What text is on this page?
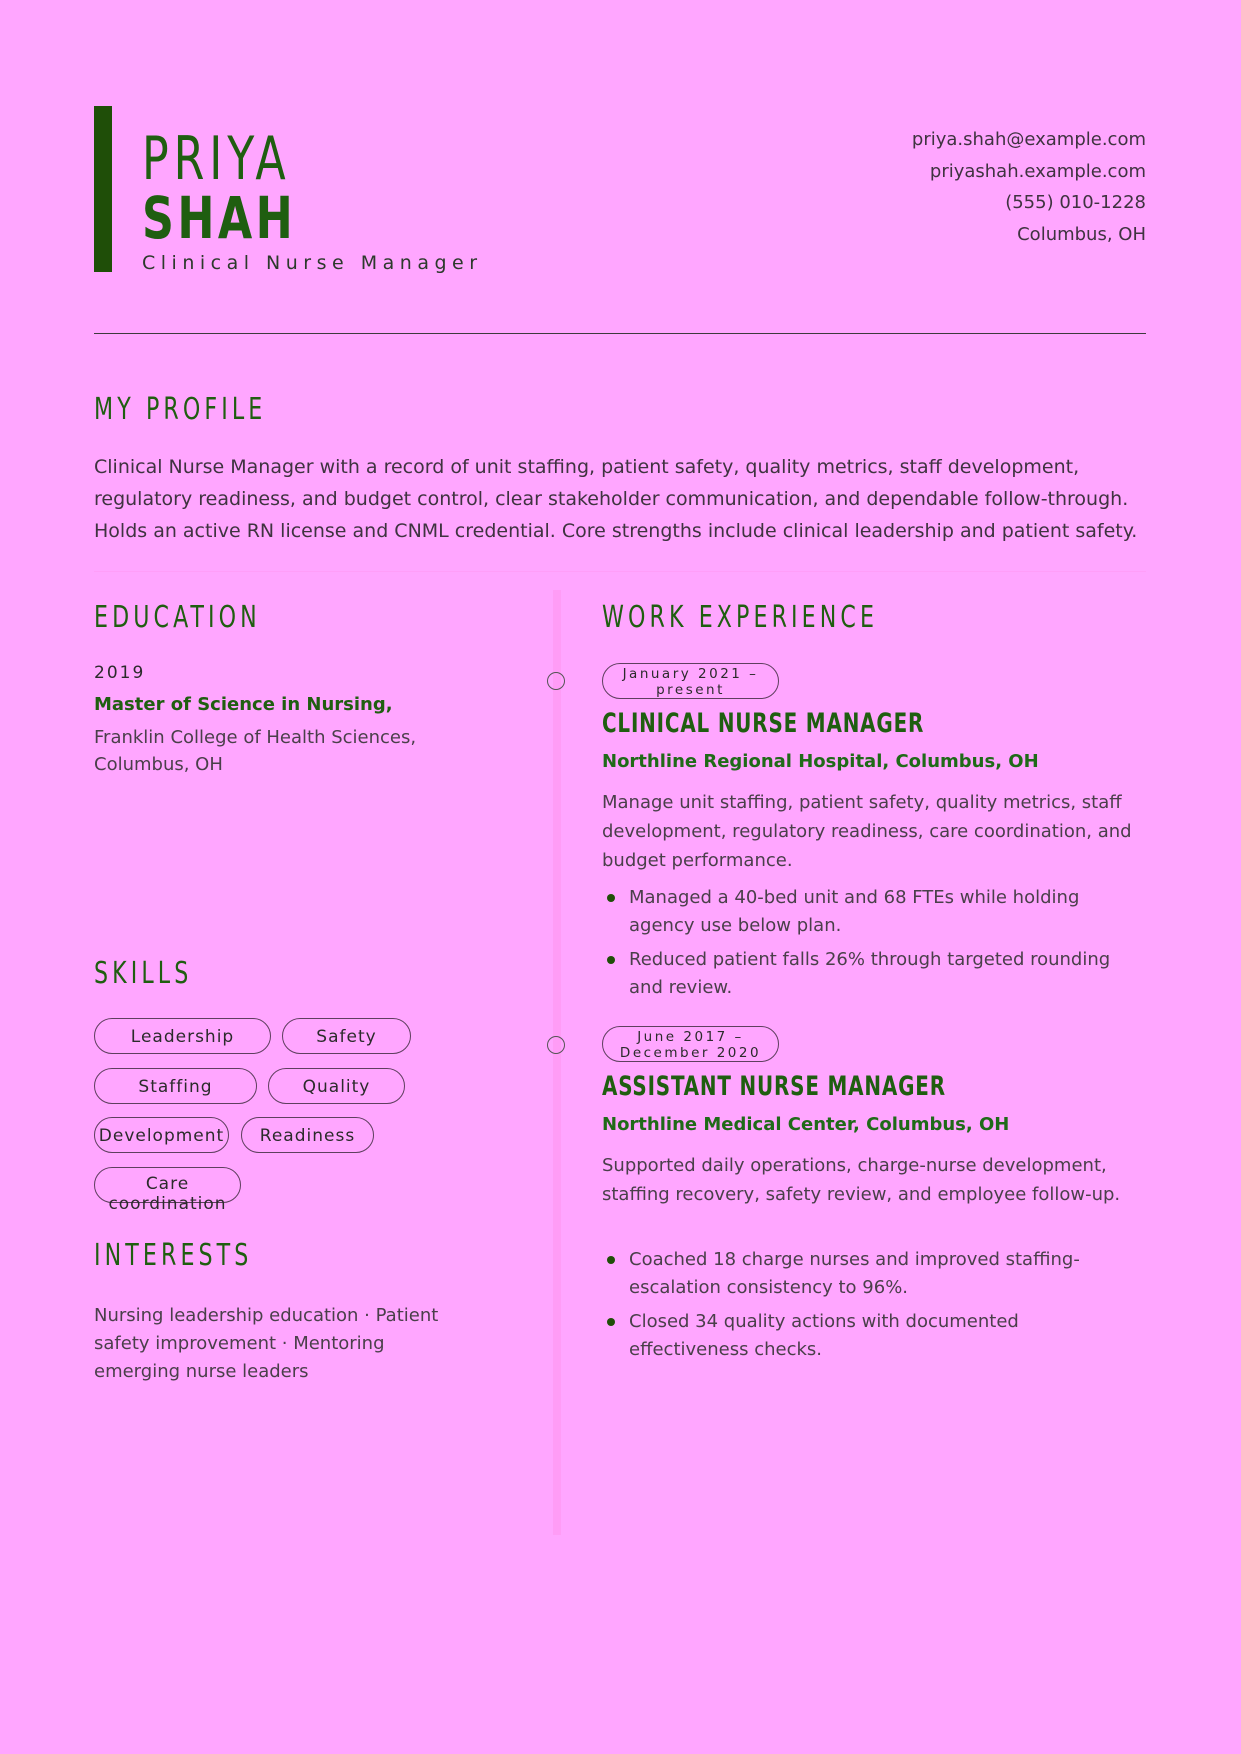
PRIYA
SHAH
Clinical Nurse Manager
priya.shah@example.com
priyashah.example.com
(555) 010-1228
Columbus, OH
MY PROFILE
Clinical Nurse Manager with a record of unit staffing, patient safety, quality metrics, staff development, regulatory readiness, and budget control, clear stakeholder communication, and dependable follow-through. Holds an active RN license and CNML credential. Core strengths include clinical leadership and patient safety.
EDUCATION
2019
Master of Science in Nursing,
Franklin College of Health Sciences, Columbus, OH
SKILLS
Leadership	Safety
Staffing	Quality
Development	Readiness
Care coordination
INTERESTS
Nursing leadership education · Patient safety improvement · Mentoring emerging nurse leaders
WORK EXPERIENCE
January 2021 – present
CLINICAL NURSE MANAGER
Northline Regional Hospital, Columbus, OH
Manage unit staffing, patient safety, quality metrics, staff development, regulatory readiness, care coordination, and budget performance.
Managed a 40-bed unit and 68 FTEs while holding agency use below plan.
Reduced patient falls 26% through targeted rounding and review.
June 2017 – December 2020
ASSISTANT NURSE MANAGER
Northline Medical Center, Columbus, OH
Supported daily operations, charge-nurse development, staffing recovery, safety review, and employee follow-up.
Coached 18 charge nurses and improved staffing-escalation consistency to 96%.
Closed 34 quality actions with documented effectiveness checks.
